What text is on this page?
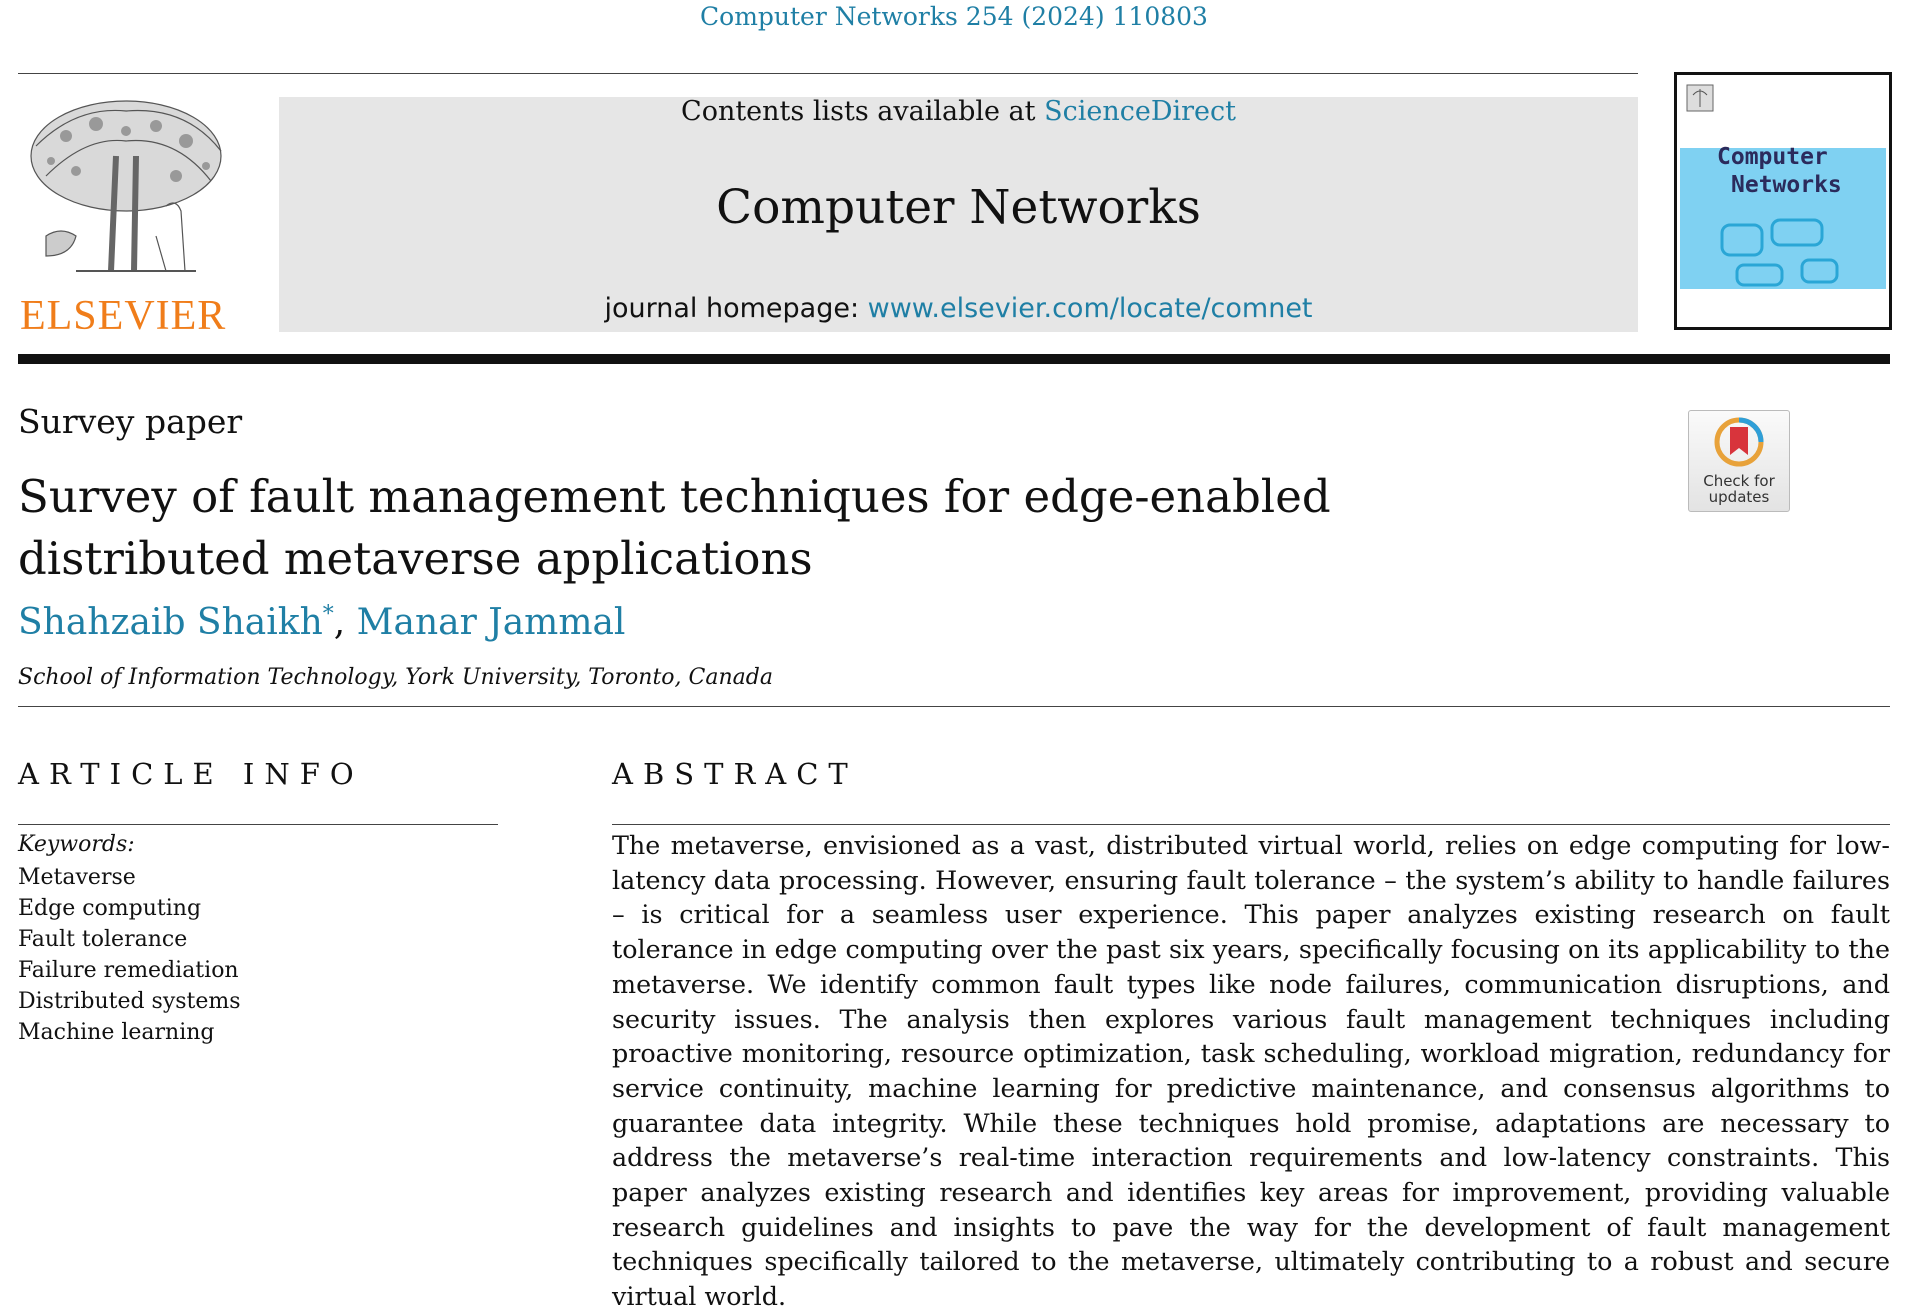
Computer Networks 254 (2024) 110803
ELSEVIER
Contents lists available at ScienceDirect
Computer Networks
journal homepage: www.elsevier.com/locate/comnet
Computer
Networks
Survey paper
Survey of fault management techniques for edge-enabled distributed metaverse applications
Shahzaib Shaikh*, Manar Jammal
School of Information Technology, York University, Toronto, Canada
Check for updates
ARTICLE INFO
Keywords:
Metaverse
Edge computing
Fault tolerance
Failure remediation
Distributed systems
Machine learning
ABSTRACT
The metaverse, envisioned as a vast, distributed virtual world, relies on edge computing for low-latency data processing. However, ensuring fault tolerance – the system’s ability to handle failures – is critical for a seamless user experience. This paper analyzes existing research on fault tolerance in edge computing over the past six years, specifically focusing on its applicability to the metaverse. We identify common fault types like node failures, communication disruptions, and security issues. The analysis then explores various fault management techniques including proactive monitoring, resource optimization, task scheduling, workload migration, redundancy for service continuity, machine learning for predictive maintenance, and consensus algorithms to guarantee data integrity. While these techniques hold promise, adaptations are necessary to address the metaverse’s real-time interaction requirements and low-latency constraints. This paper analyzes existing research and identifies key areas for improvement, providing valuable research guidelines and insights to pave the way for the development of fault management techniques specifically tailored to the metaverse, ultimately contributing to a robust and secure virtual world.
